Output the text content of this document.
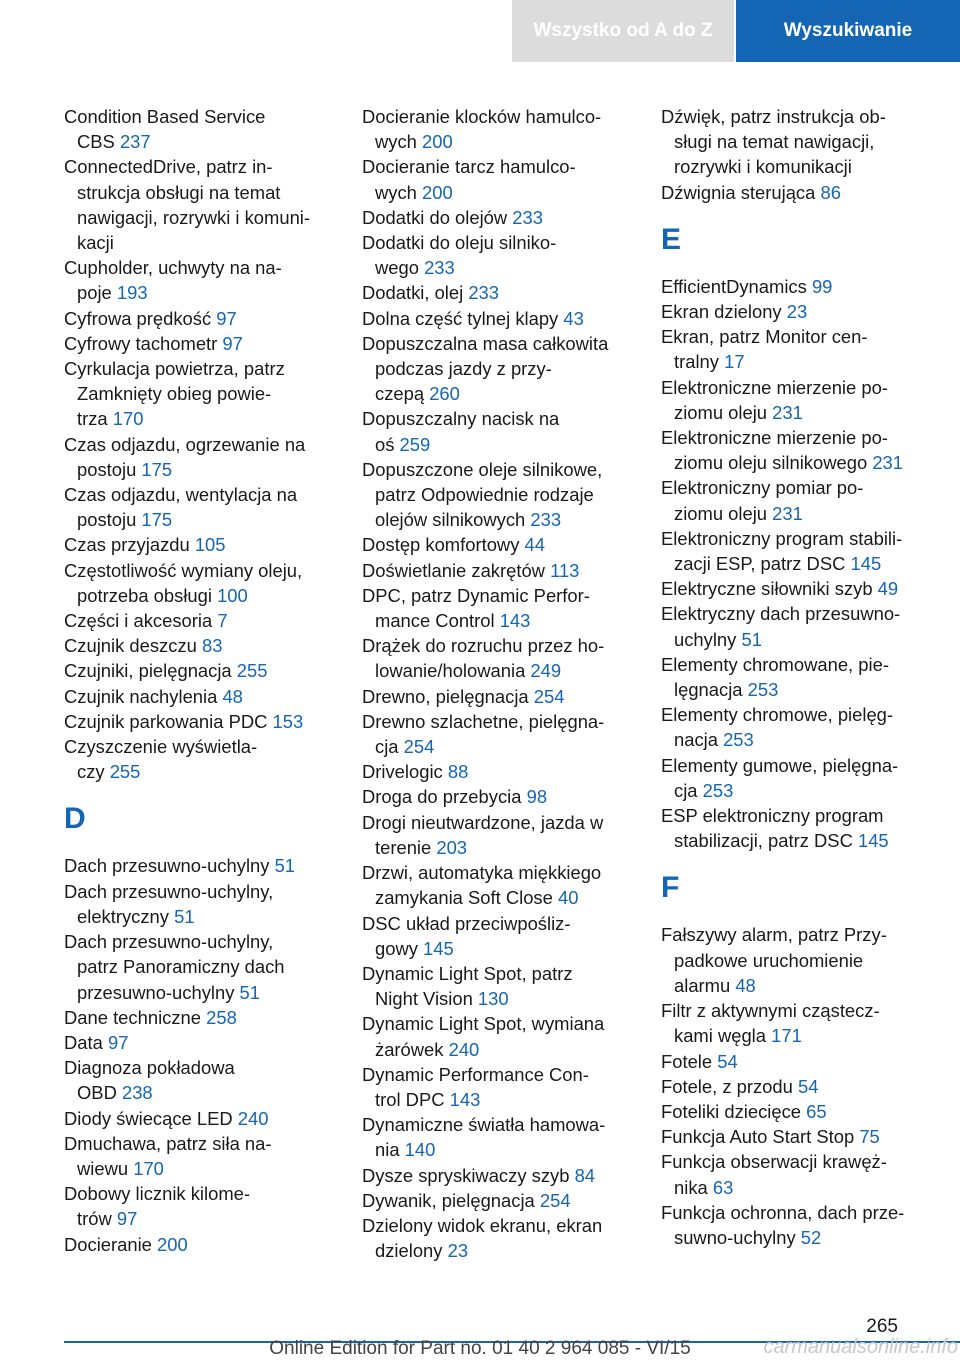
Wszystko od A do Z	Wyszukiwanie
Condition Based Service
CBS 237
ConnectedDrive, patrz in-
strukcja obsługi na temat
nawigacji, rozrywki i komuni-
kacji
Cupholder, uchwyty na na-
poje 193
Cyfrowa prędkość 97
Cyfrowy tachometr 97
Cyrkulacja powietrza, patrz
Zamknięty obieg powie-
trza 170
Czas odjazdu, ogrzewanie na
postoju 175
Czas odjazdu, wentylacja na
postoju 175
Czas przyjazdu 105
Częstotliwość wymiany oleju,
potrzeba obsługi 100
Części i akcesoria 7
Czujnik deszczu 83
Czujniki, pielęgnacja 255
Czujnik nachylenia 48
Czujnik parkowania PDC 153
Czyszczenie wyświetla-
czy 255
D
Dach przesuwno-uchylny 51
Dach przesuwno-uchylny,
elektryczny 51
Dach przesuwno-uchylny,
patrz Panoramiczny dach
przesuwno-uchylny 51
Dane techniczne 258
Data 97
Diagnoza pokładowa
OBD 238
Diody świecące LED 240
Dmuchawa, patrz siła na-
wiewu 170
Dobowy licznik kilome-
trów 97
Docieranie 200
Docieranie klocków hamulco-
wych 200
Docieranie tarcz hamulco-
wych 200
Dodatki do olejów 233
Dodatki do oleju silniko-
wego 233
Dodatki, olej 233
Dolna część tylnej klapy 43
Dopuszczalna masa całkowita
podczas jazdy z przy-
czepą 260
Dopuszczalny nacisk na
oś 259
Dopuszczone oleje silnikowe,
patrz Odpowiednie rodzaje
olejów silnikowych 233
Dostęp komfortowy 44
Doświetlanie zakrętów 113
DPC, patrz Dynamic Perfor-
mance Control 143
Drążek do rozruchu przez ho-
lowanie/holowania 249
Drewno, pielęgnacja 254
Drewno szlachetne, pielęgna-
cja 254
Drivelogic 88
Droga do przebycia 98
Drogi nieutwardzone, jazda w
terenie 203
Drzwi, automatyka miękkiego
zamykania Soft Close 40
DSC układ przeciwpośliz-
gowy 145
Dynamic Light Spot, patrz
Night Vision 130
Dynamic Light Spot, wymiana
żarówek 240
Dynamic Performance Con-
trol DPC 143
Dynamiczne światła hamowa-
nia 140
Dysze spryskiwaczy szyb 84
Dywanik, pielęgnacja 254
Dzielony widok ekranu, ekran
dzielony 23
Dźwięk, patrz instrukcja ob-
sługi na temat nawigacji,
rozrywki i komunikacji
Dźwignia sterująca 86
E
EfficientDynamics 99
Ekran dzielony 23
Ekran, patrz Monitor cen-
tralny 17
Elektroniczne mierzenie po-
ziomu oleju 231
Elektroniczne mierzenie po-
ziomu oleju silnikowego 231
Elektroniczny pomiar po-
ziomu oleju 231
Elektroniczny program stabili-
zacji ESP, patrz DSC 145
Elektryczne siłowniki szyb 49
Elektryczny dach przesuwno-
uchylny 51
Elementy chromowane, pie-
lęgnacja 253
Elementy chromowe, pielęg-
nacja 253
Elementy gumowe, pielęgna-
cja 253
ESP elektroniczny program
stabilizacji, patrz DSC 145
F
Fałszywy alarm, patrz Przy-
padkowe uruchomienie
alarmu 48
Filtr z aktywnymi cząstecz-
kami węgla 171
Fotele 54
Fotele, z przodu 54
Foteliki dziecięce 65
Funkcja Auto Start Stop 75
Funkcja obserwacji krawęż-
nika 63
Funkcja ochronna, dach prze-
suwno-uchylny 52
265
Online Edition for Part no. 01 40 2 964 085 - VI/15	carmanualsonline.info
